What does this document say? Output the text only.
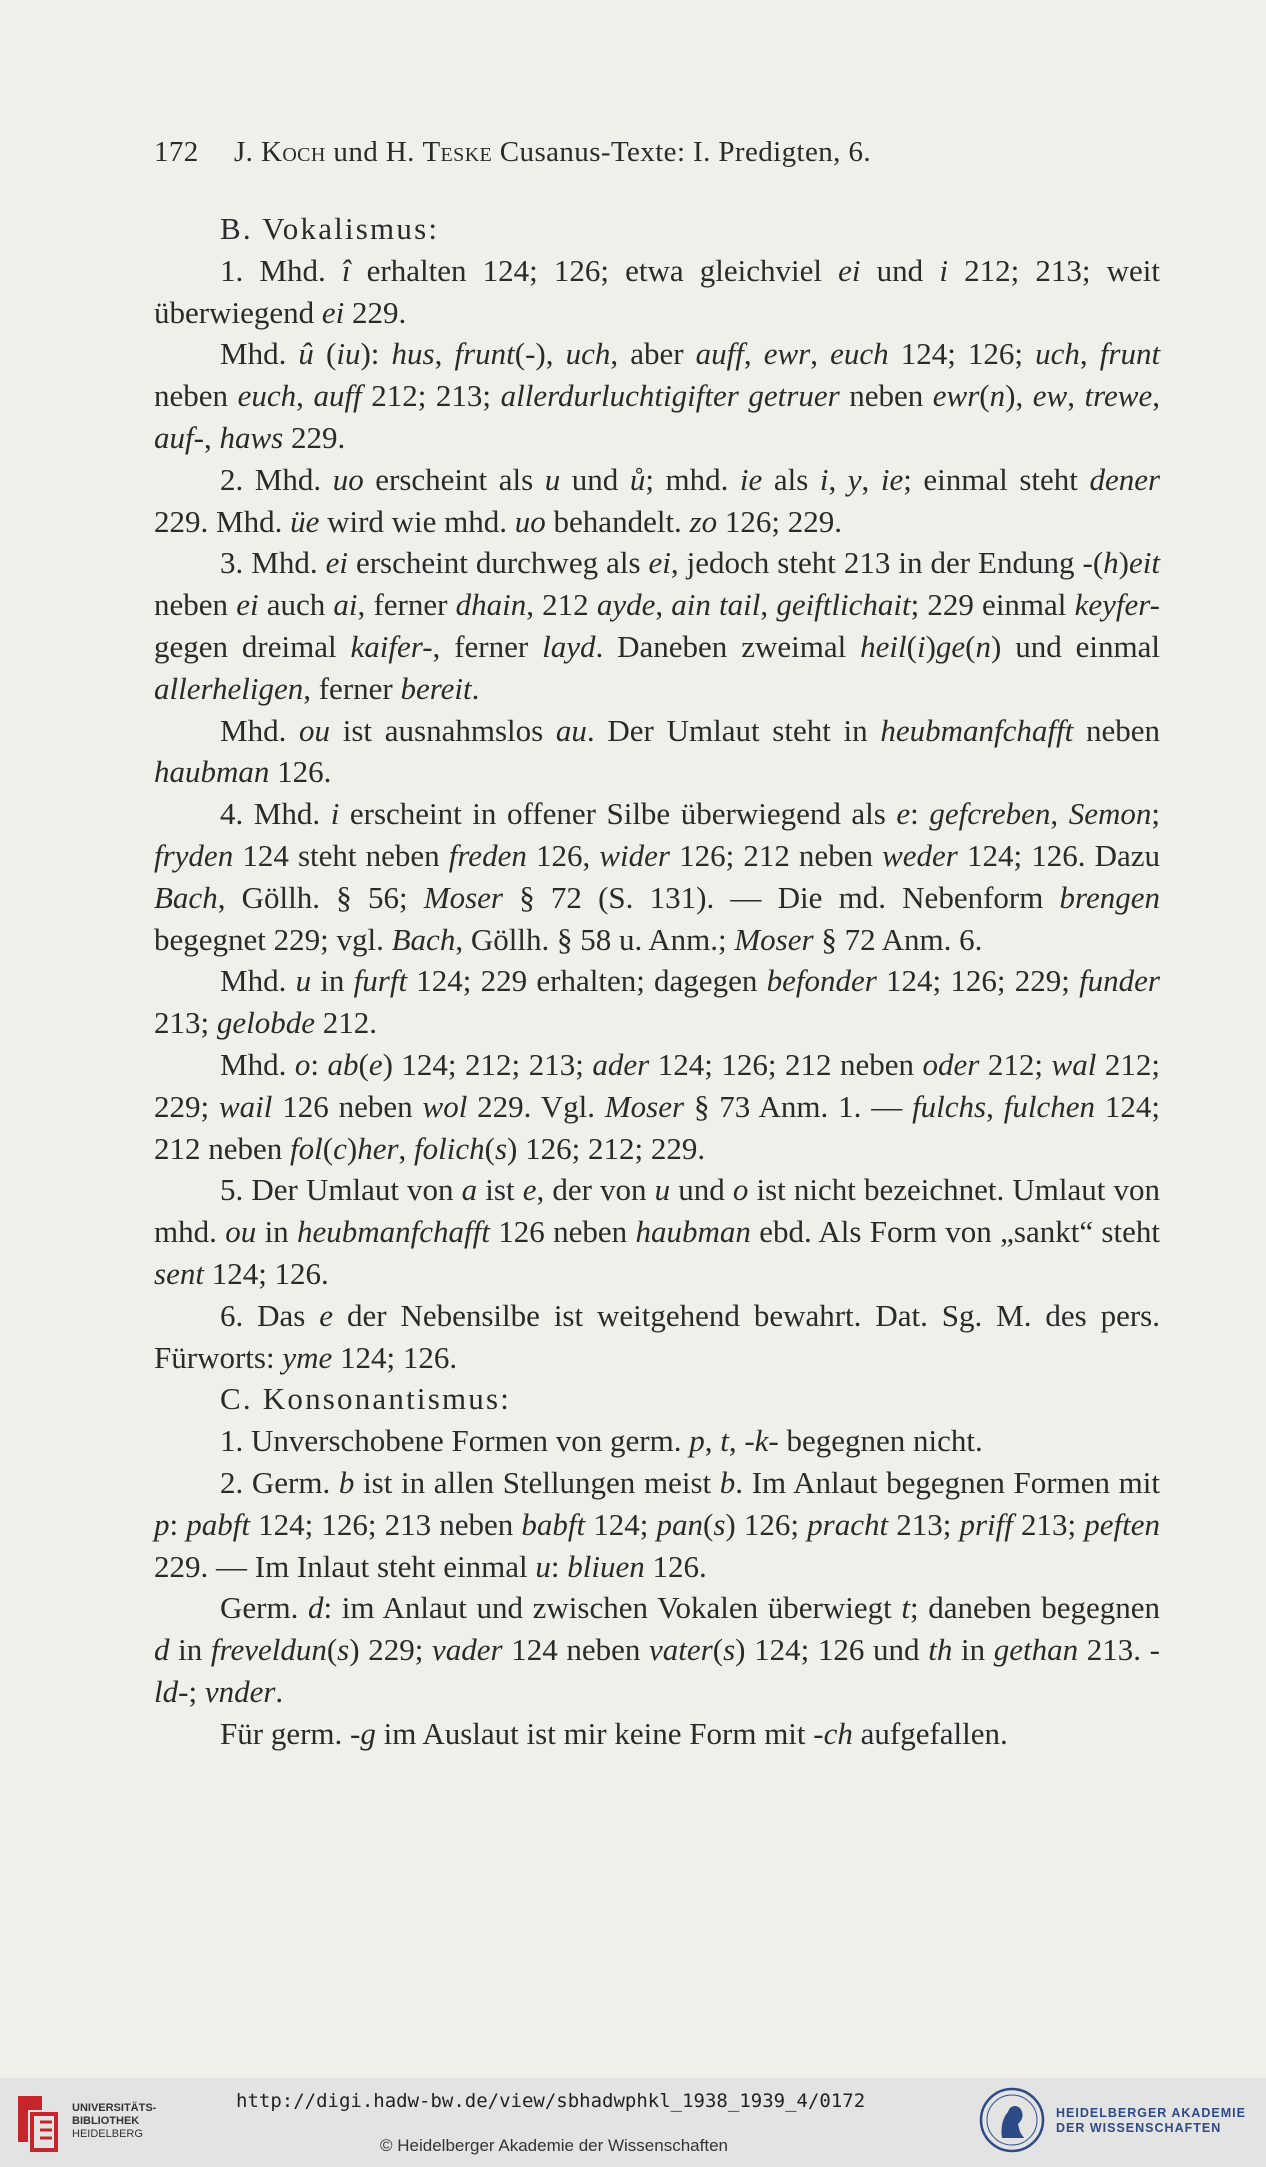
172 J. Koch und H. Teske Cusanus-Texte: I. Predigten, 6.

B. Vokalismus:

1. Mhd. î erhalten 124; 126; etwa gleichviel ei und i 212; 213; weit überwiegend ei 229.

Mhd. û (iu): hus, frunt(-), uch, aber auff, ewr, euch 124; 126; uch, frunt neben euch, auff 212; 213; allerdurluchtigifter getruer neben ewr(n), ew, trewe, auf-, haws 229.

2. Mhd. uo erscheint als u und ů; mhd. ie als i, y, ie; einmal steht dener 229. Mhd. üe wird wie mhd. uo behandelt. zo 126; 229.

3. Mhd. ei erscheint durchweg als ei, jedoch steht 213 in der Endung -(h)eit neben ei auch ai, ferner dhain, 212 ayde, ain tail, geiftlichait; 229 einmal keyfer- gegen dreimal kaifer-, ferner layd. Daneben zweimal heil(i)ge(n) und einmal allerheligen, ferner bereit.

Mhd. ou ist ausnahmslos au. Der Umlaut steht in heubmanfchafft neben haubman 126.

4. Mhd. i erscheint in offener Silbe überwiegend als e: gefcreben, Semon; fryden 124 steht neben freden 126, wider 126; 212 neben weder 124; 126. Dazu Bach, Göllh. § 56; Moser § 72 (S. 131). — Die md. Nebenform brengen begegnet 229; vgl. Bach, Göllh. § 58 u. Anm.; Moser § 72 Anm. 6.

Mhd. u in furft 124; 229 erhalten; dagegen befonder 124; 126; 229; funder 213; gelobde 212.

Mhd. o: ab(e) 124; 212; 213; ader 124; 126; 212 neben oder 212; wal 212; 229; wail 126 neben wol 229. Vgl. Moser § 73 Anm. 1. — fulchs, fulchen 124; 212 neben fol(c)her, folich(s) 126; 212; 229.

5. Der Umlaut von a ist e, der von u und o ist nicht bezeichnet. Umlaut von mhd. ou in heubmanfchafft 126 neben haubman ebd. Als Form von „sankt“ steht sent 124; 126.

6. Das e der Nebensilbe ist weitgehend bewahrt. Dat. Sg. M. des pers. Fürworts: yme 124; 126.

C. Konsonantismus:

1. Unverschobene Formen von germ. p, t, -k- begegnen nicht.

2. Germ. b ist in allen Stellungen meist b. Im Anlaut begegnen Formen mit p: pabft 124; 126; 213 neben babft 124; pan(s) 126; pracht 213; priff 213; peften 229. — Im Inlaut steht einmal u: bliuen 126.

Germ. d: im Anlaut und zwischen Vokalen überwiegt t; daneben begegnen d in freveldun(s) 229; vader 124 neben vater(s) 124; 126 und th in gethan 213. -ld-; vnder.

Für germ. -g im Auslaut ist mir keine Form mit -ch aufgefallen.

UNIVERSITÄTS-
BIBLIOTHEK
HEIDELBERG
http://digi.hadw-bw.de/view/sbhadwphkl_1938_1939_4/0172
© Heidelberger Akademie der Wissenschaften
HEIDELBERGER AKADEMIE
DER WISSENSCHAFTEN
